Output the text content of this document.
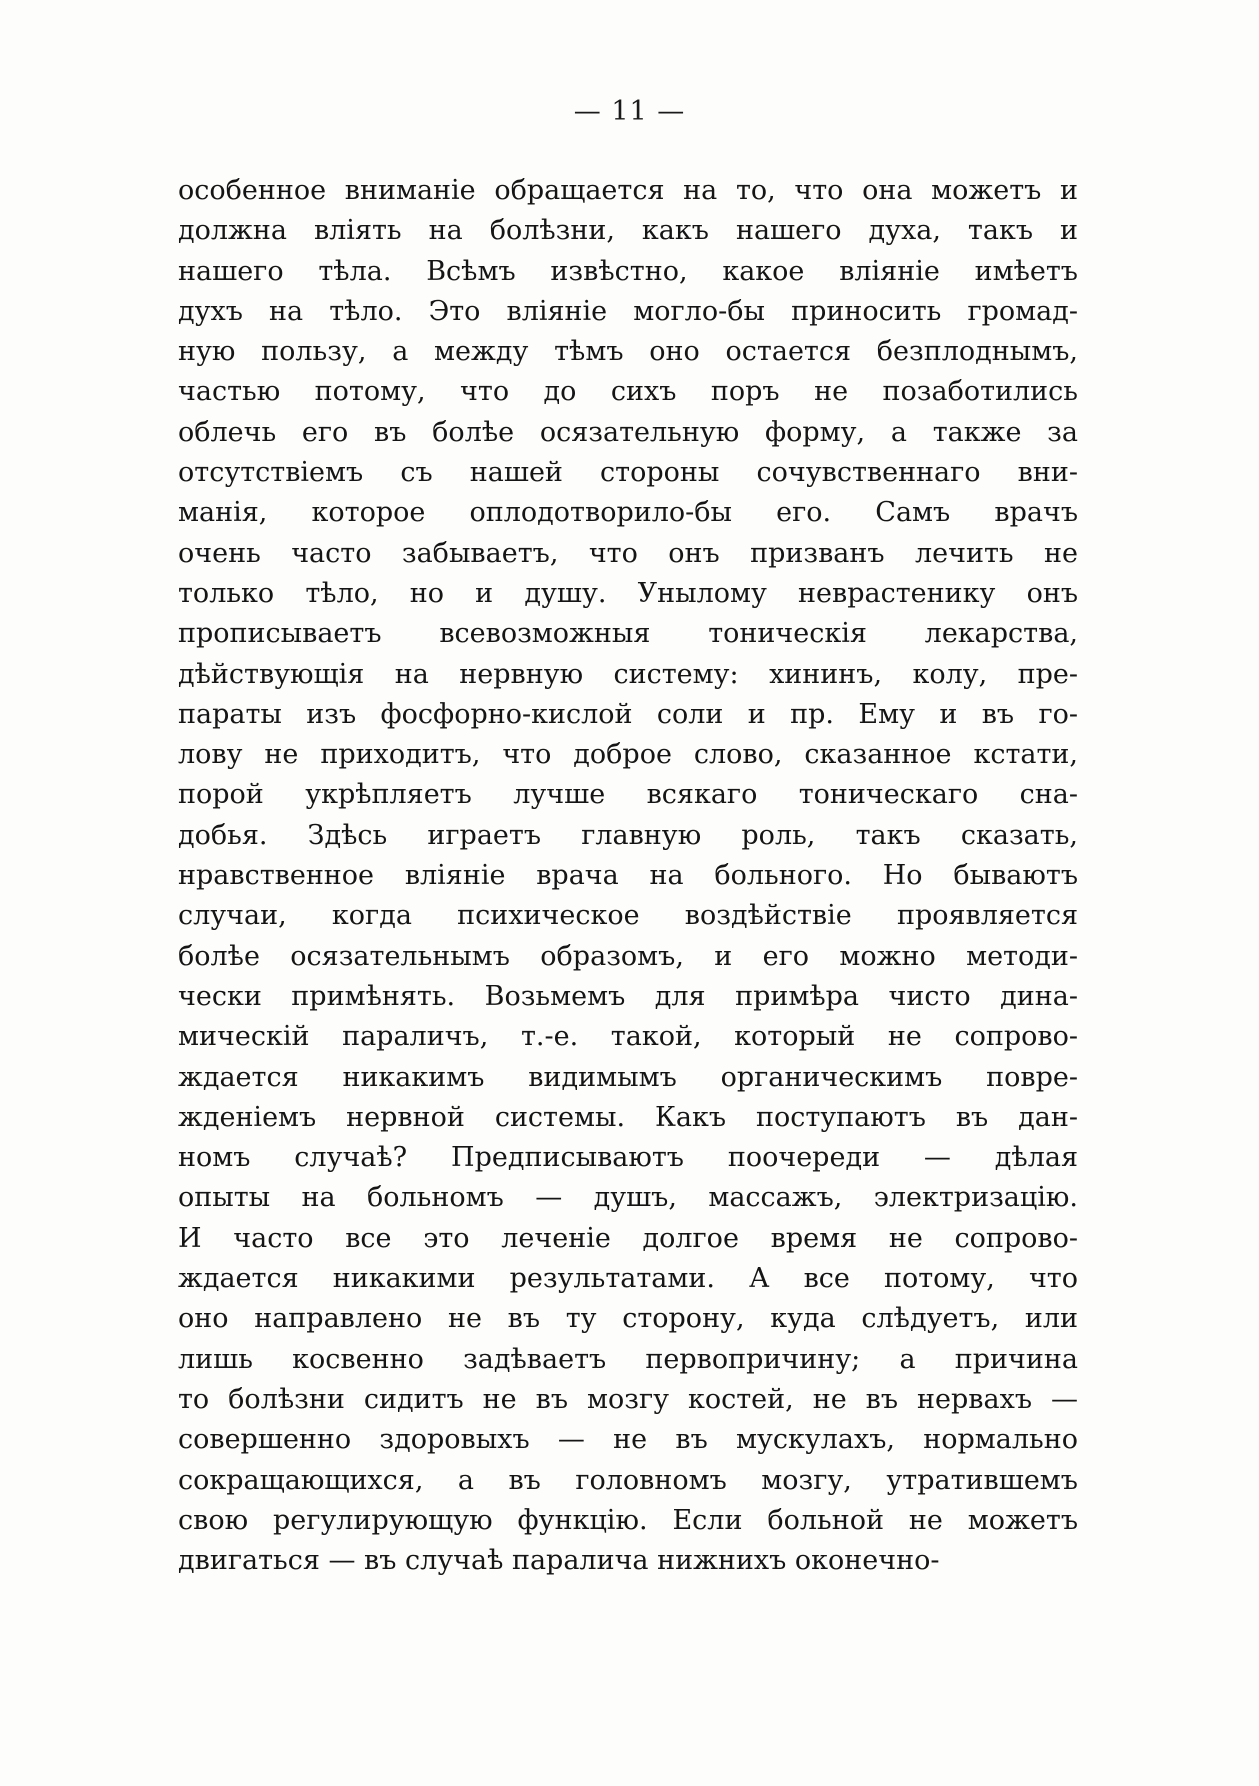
— 11 —
особенное вниманіе обращается на то, что она можетъ и
должна влiять на болѣзни, какъ нашего духа, такъ и
нашего тѣла. Всѣмъ извѣстно, какое влiянiе имѣетъ
духъ на тѣло. Это влiянiе могло-бы приносить громад-
ную пользу, а между тѣмъ оно остается безплоднымъ,
частью потому, что до сихъ поръ не позаботились
облечь его въ болѣе осязательную форму, а также за
отсутствiемъ съ нашей стороны сочувственнаго вни-
манiя, которое оплодотворило-бы его. Самъ врачъ
очень часто забываетъ, что онъ призванъ лечить не
только тѣло, но и душу. Унылому неврастенику онъ
прописываетъ всевозможныя тоническiя лекарства,
дѣйствующiя на нервную систему: хининъ, колу, пре-
параты изъ фосфорно-кислой соли и пр. Ему и въ го-
лову не приходитъ, что доброе слово, сказанное кстати,
порой укрѣпляетъ лучше всякаго тоническаго сна-
добья. Здѣсь играетъ главную роль, такъ сказать,
нравственное влiянiе врача на больного. Но бываютъ
случаи, когда психическое воздѣйствiе проявляется
болѣе осязательнымъ образомъ, и его можно методи-
чески примѣнять. Возьмемъ для примѣра чисто дина-
мическiй параличъ, т.-е. такой, который не сопрово-
ждается никакимъ видимымъ органическимъ повре-
жденiемъ нервной системы. Какъ поступаютъ въ дан-
номъ случаѣ? Предписываютъ поочереди — дѣлая
опыты на больномъ — душъ, массажъ, электризацiю.
И часто все это леченiе долгое время не сопрово-
ждается никакими результатами. А все потому, что
оно направлено не въ ту сторону, куда слѣдуетъ, или
лишь косвенно задѣваетъ первопричину; а причина
то болѣзни сидитъ не въ мозгу костей, не въ нервахъ —
совершенно здоровыхъ — не въ мускулахъ, нормально
сокращающихся, а въ головномъ мозгу, утратившемъ
свою регулирующую функцiю. Если больной не можетъ
двигаться — въ случаѣ паралича нижнихъ оконечно-
